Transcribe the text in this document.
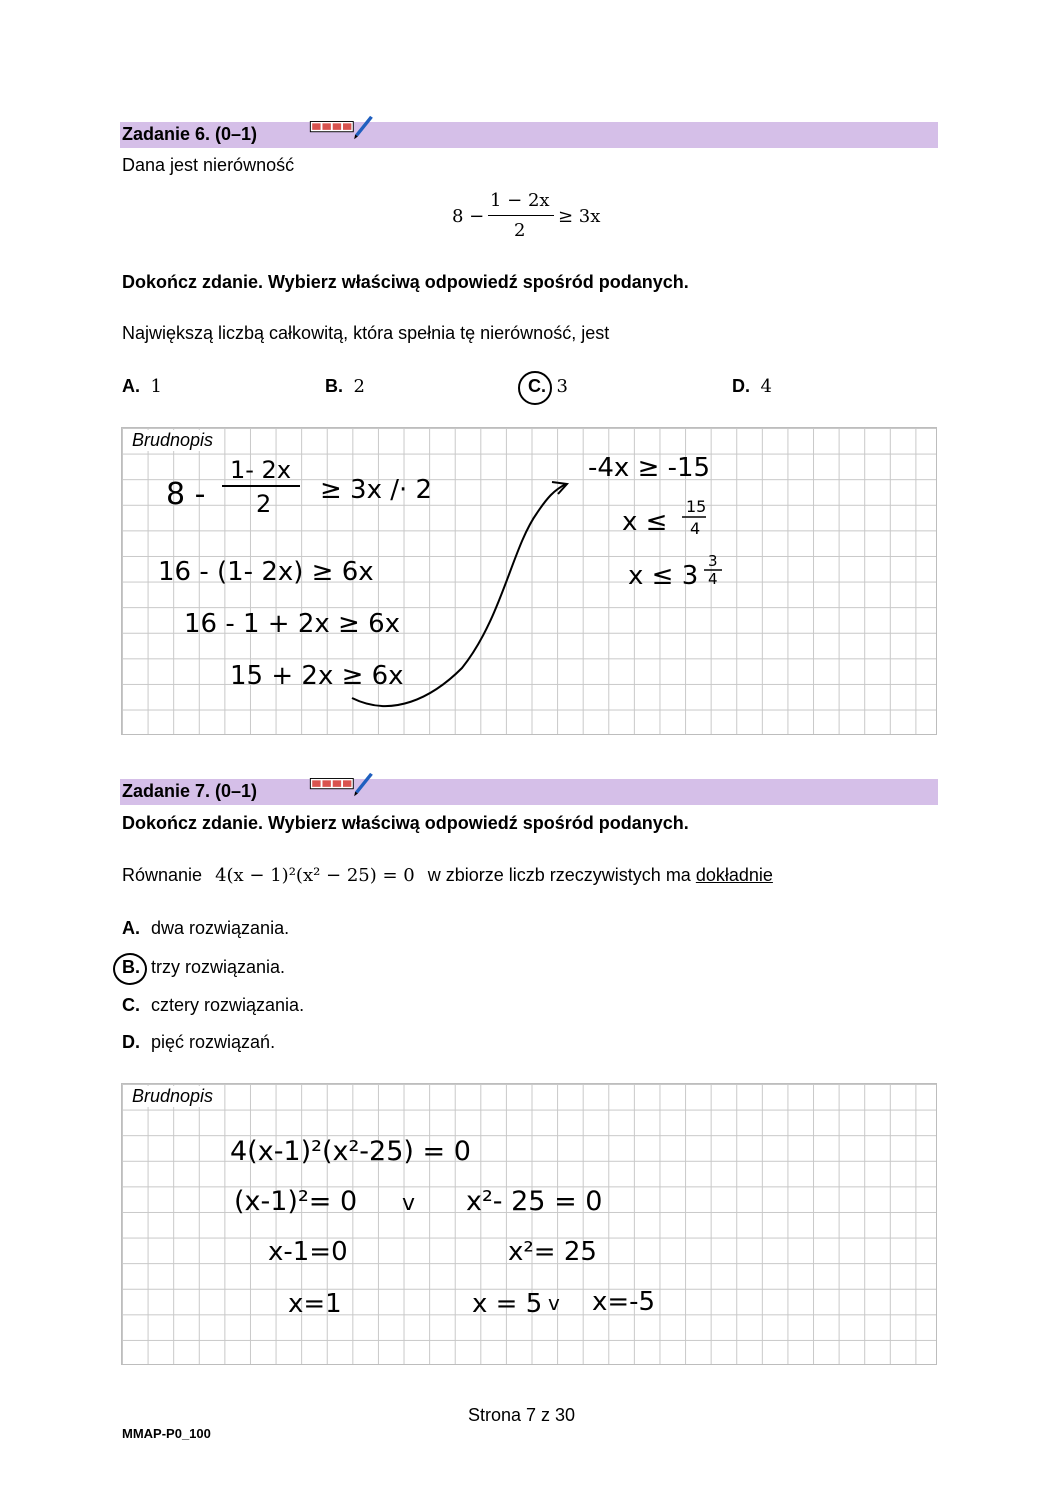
Zadanie 6. (0–1)
Dana jest nierówność
8 −
1 − 2x
2
≥ 3x
Dokończ zdanie. Wybierz właściwą odpowiedź spośród podanych.
Największą liczbą całkowitą, która spełnia tę nierówność, jest
A. 1	B. 2	C. 3	D. 4
Brudnopis
8 -
1- 2x
2 ≥ 3x /· 2
16 - (1- 2x) ≥ 6x
16 - 1 + 2x ≥ 6x
15 + 2x ≥ 6x
-4x ≥ -15
x ≤
15
4
x ≤ 3 3
4
Zadanie 7. (0–1)
Dokończ zdanie. Wybierz właściwą odpowiedź spośród podanych.
Równanie 4(x − 1)²(x² − 25) = 0 w zbiorze liczb rzeczywistych ma dokładnie
A. dwa rozwiązania.
B. trzy rozwiązania.
C. cztery rozwiązania.
D. pięć rozwiązań.
Brudnopis
4(x-1)²(x²-25) = 0
(x-1)²= 0 v x²- 25 = 0
x-1=0	x²= 25
x=1	x = 5 v x=-5
Strona 7 z 30
MMAP-P0_100
